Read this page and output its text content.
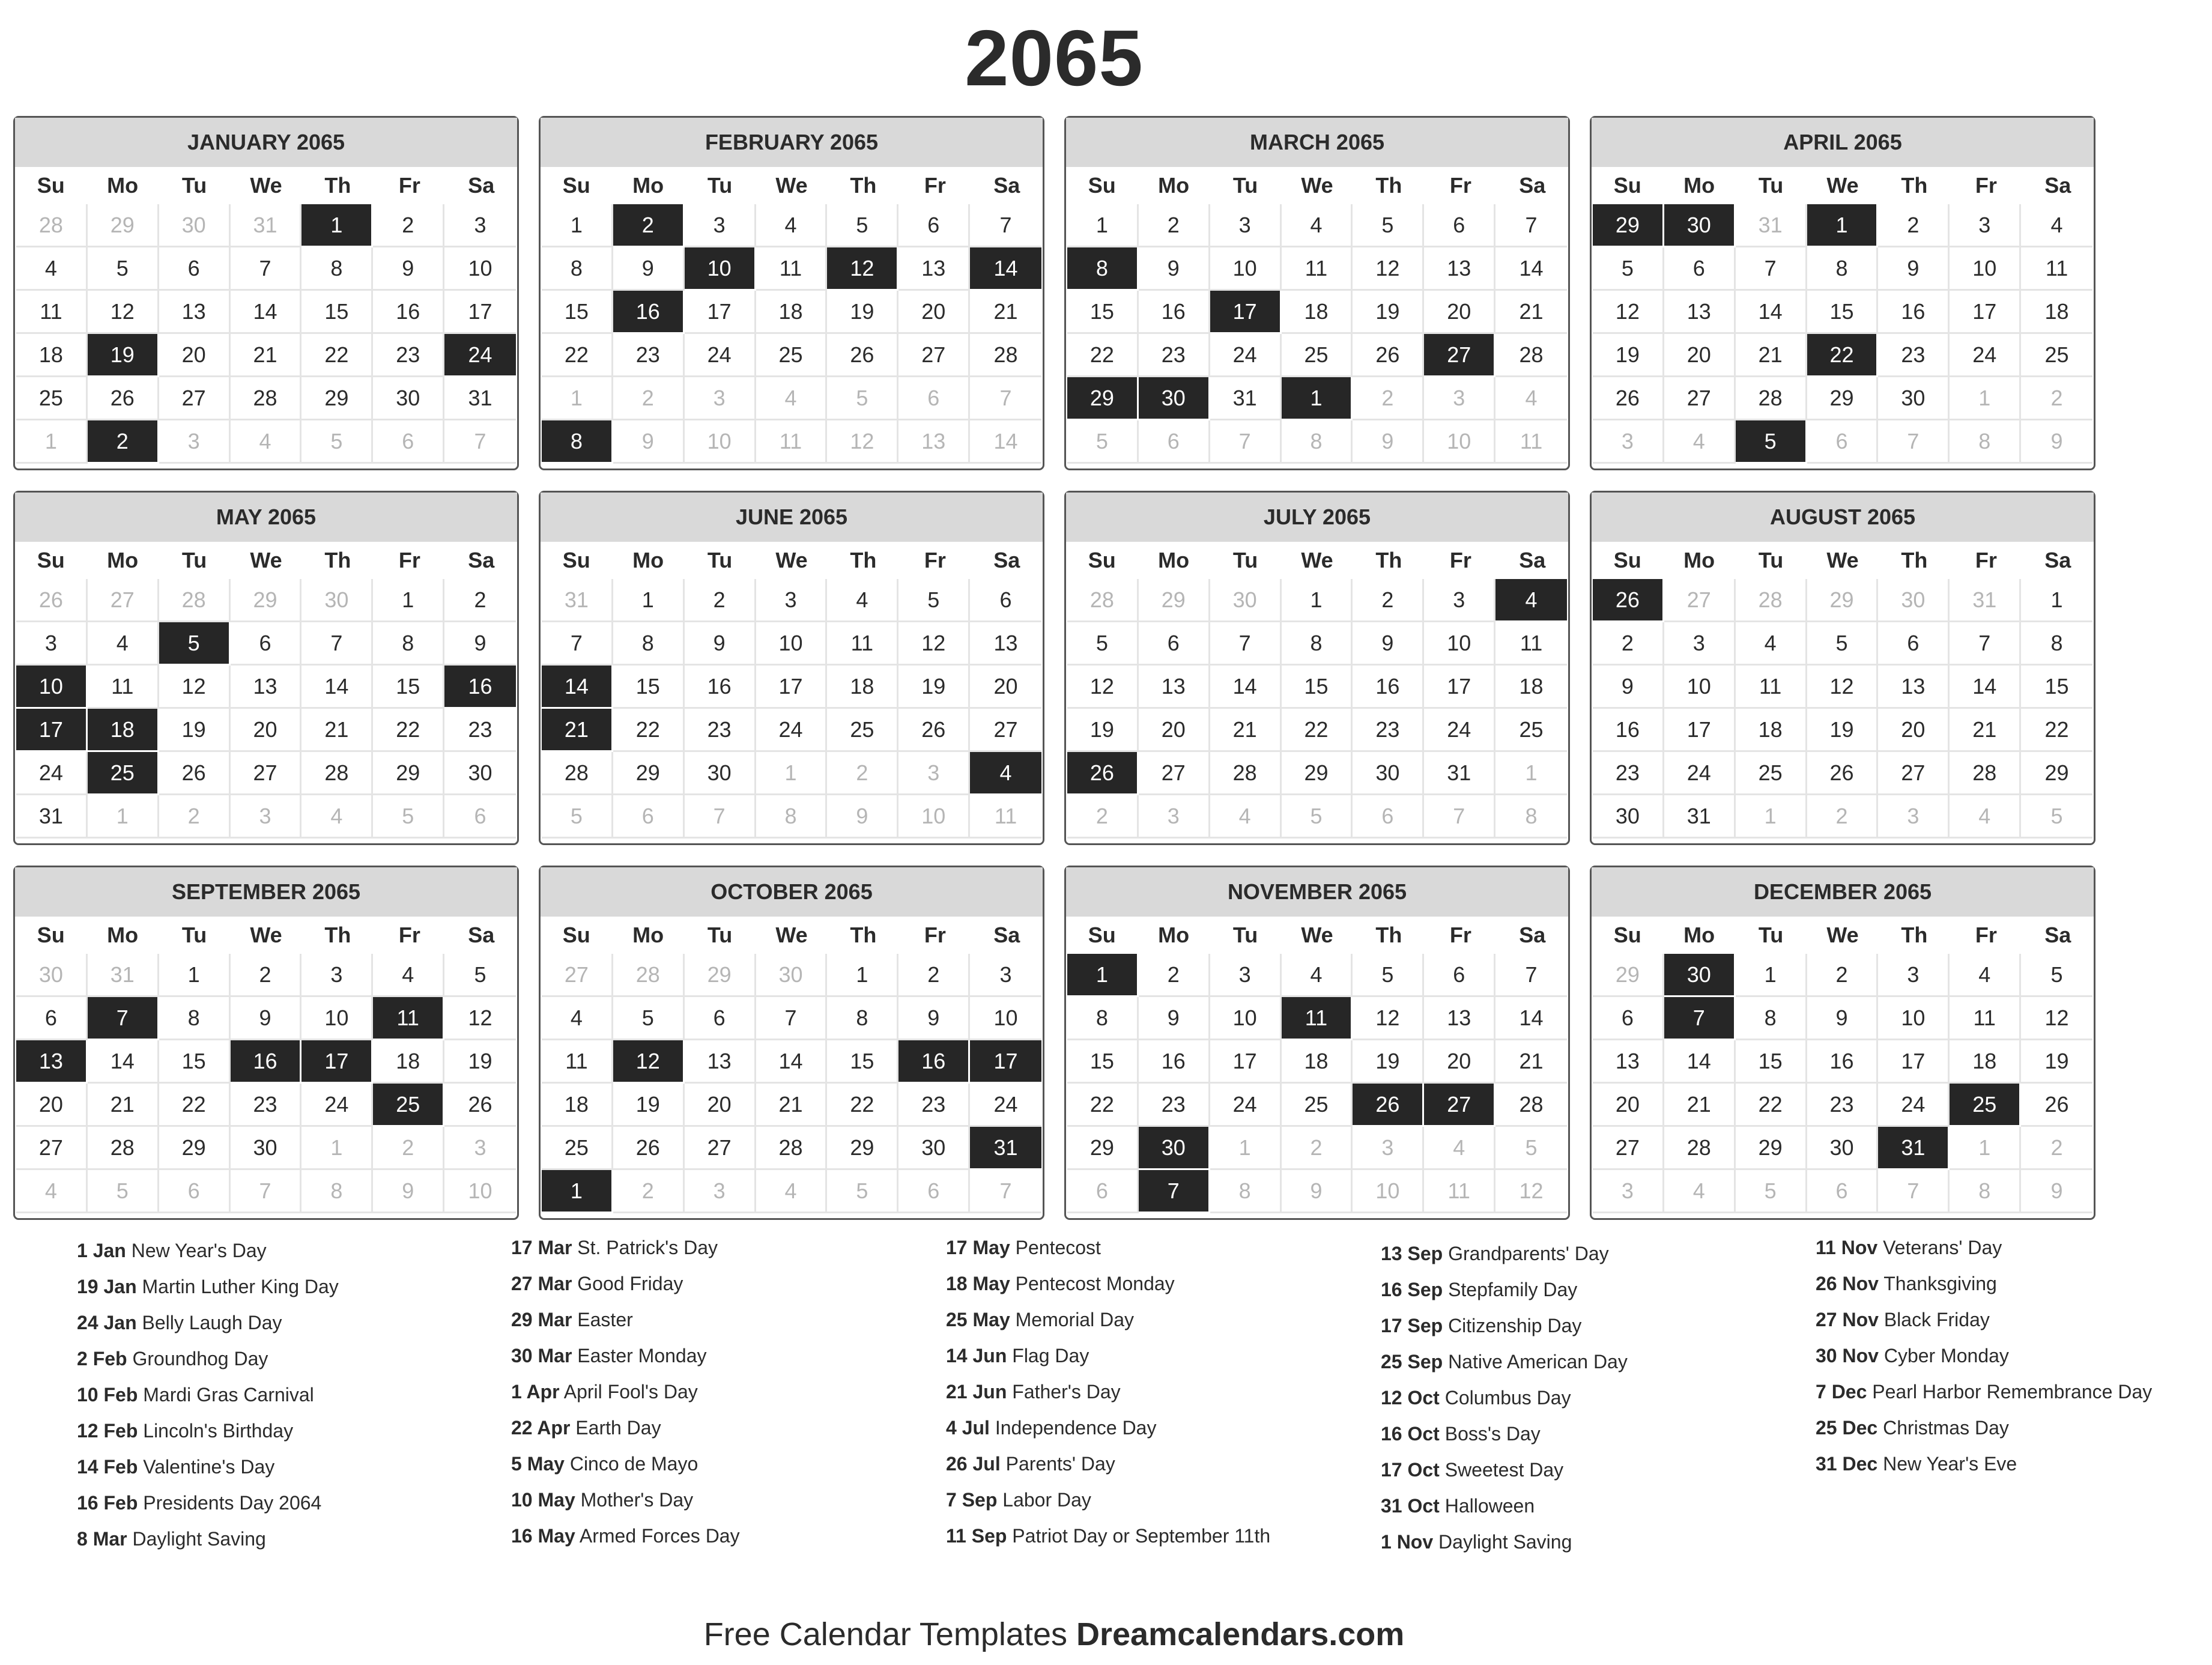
2065
JANUARY 2065
Su	Mo	Tu	We	Th	Fr	Sa
28	29	30	31	1	2	3
4	5	6	7	8	9	10
11	12	13	14	15	16	17
18	19	20	21	22	23	24
25	26	27	28	29	30	31
1	2	3	4	5	6	7
FEBRUARY 2065
Su	Mo	Tu	We	Th	Fr	Sa
1	2	3	4	5	6	7
8	9	10	11	12	13	14
15	16	17	18	19	20	21
22	23	24	25	26	27	28
1	2	3	4	5	6	7
8	9	10	11	12	13	14
MARCH 2065
Su	Mo	Tu	We	Th	Fr	Sa
1	2	3	4	5	6	7
8	9	10	11	12	13	14
15	16	17	18	19	20	21
22	23	24	25	26	27	28
29	30	31	1	2	3	4
5	6	7	8	9	10	11
APRIL 2065
Su	Mo	Tu	We	Th	Fr	Sa
29	30	31	1	2	3	4
5	6	7	8	9	10	11
12	13	14	15	16	17	18
19	20	21	22	23	24	25
26	27	28	29	30	1	2
3	4	5	6	7	8	9
MAY 2065
Su	Mo	Tu	We	Th	Fr	Sa
26	27	28	29	30	1	2
3	4	5	6	7	8	9
10	11	12	13	14	15	16
17	18	19	20	21	22	23
24	25	26	27	28	29	30
31	1	2	3	4	5	6
JUNE 2065
Su	Mo	Tu	We	Th	Fr	Sa
31	1	2	3	4	5	6
7	8	9	10	11	12	13
14	15	16	17	18	19	20
21	22	23	24	25	26	27
28	29	30	1	2	3	4
5	6	7	8	9	10	11
JULY 2065
Su	Mo	Tu	We	Th	Fr	Sa
28	29	30	1	2	3	4
5	6	7	8	9	10	11
12	13	14	15	16	17	18
19	20	21	22	23	24	25
26	27	28	29	30	31	1
2	3	4	5	6	7	8
AUGUST 2065
Su	Mo	Tu	We	Th	Fr	Sa
26	27	28	29	30	31	1
2	3	4	5	6	7	8
9	10	11	12	13	14	15
16	17	18	19	20	21	22
23	24	25	26	27	28	29
30	31	1	2	3	4	5
SEPTEMBER 2065
Su	Mo	Tu	We	Th	Fr	Sa
30	31	1	2	3	4	5
6	7	8	9	10	11	12
13	14	15	16	17	18	19
20	21	22	23	24	25	26
27	28	29	30	1	2	3
4	5	6	7	8	9	10
OCTOBER 2065
Su	Mo	Tu	We	Th	Fr	Sa
27	28	29	30	1	2	3
4	5	6	7	8	9	10
11	12	13	14	15	16	17
18	19	20	21	22	23	24
25	26	27	28	29	30	31
1	2	3	4	5	6	7
NOVEMBER 2065
Su	Mo	Tu	We	Th	Fr	Sa
1	2	3	4	5	6	7
8	9	10	11	12	13	14
15	16	17	18	19	20	21
22	23	24	25	26	27	28
29	30	1	2	3	4	5
6	7	8	9	10	11	12
DECEMBER 2065
Su	Mo	Tu	We	Th	Fr	Sa
29	30	1	2	3	4	5
6	7	8	9	10	11	12
13	14	15	16	17	18	19
20	21	22	23	24	25	26
27	28	29	30	31	1	2
3	4	5	6	7	8	9
1 Jan New Year's Day
19 Jan Martin Luther King Day
24 Jan Belly Laugh Day
2 Feb Groundhog Day
10 Feb Mardi Gras Carnival
12 Feb Lincoln's Birthday
14 Feb Valentine's Day
16 Feb Presidents Day 2064
8 Mar Daylight Saving
17 Mar St. Patrick's Day
27 Mar Good Friday
29 Mar Easter
30 Mar Easter Monday
1 Apr April Fool's Day
22 Apr Earth Day
5 May Cinco de Mayo
10 May Mother's Day
16 May Armed Forces Day
17 May Pentecost
18 May Pentecost Monday
25 May Memorial Day
14 Jun Flag Day
21 Jun Father's Day
4 Jul Independence Day
26 Jul Parents' Day
7 Sep Labor Day
11 Sep Patriot Day or September 11th
13 Sep Grandparents' Day
16 Sep Stepfamily Day
17 Sep Citizenship Day
25 Sep Native American Day
12 Oct Columbus Day
16 Oct Boss's Day
17 Oct Sweetest Day
31 Oct Halloween
1 Nov Daylight Saving
11 Nov Veterans' Day
26 Nov Thanksgiving
27 Nov Black Friday
30 Nov Cyber Monday
7 Dec Pearl Harbor Remembrance Day
25 Dec Christmas Day
31 Dec New Year's Eve
Free Calendar Templates Dreamcalendars.com
